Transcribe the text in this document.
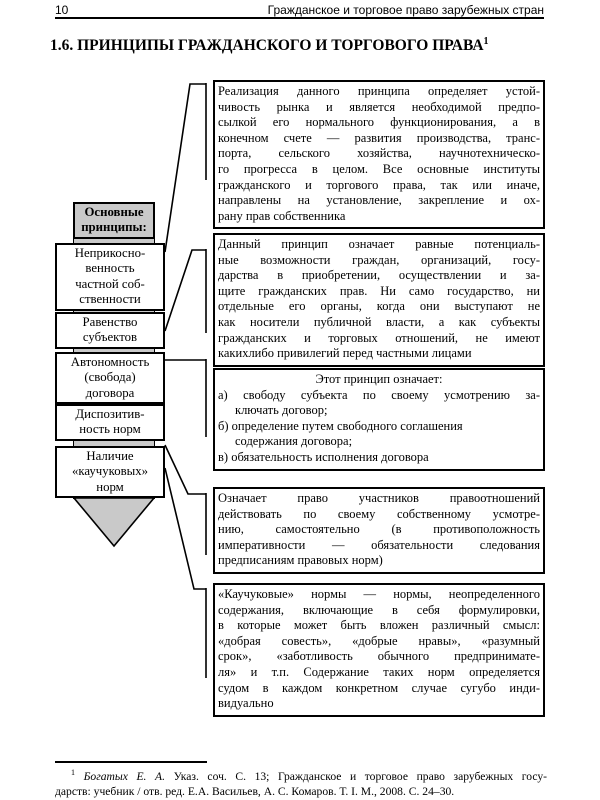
10	Гражданское и торговое право зарубежных стран
1.6. ПРИНЦИПЫ ГРАЖДАНСКОГО И ТОРГОВОГО ПРАВА$^1$
Основные
принципы:
Неприкосно-
венность
частной соб-
ственности
Равенство
субъектов
Автономность
(свобода)
договора
Диспозитив-
ность норм
Наличие
«каучуковых»
норм
Реализация данного принципа определяет устой-
чивость рынка и является необходимой предпо-
сылкой его нормального функционирования, а в
конечном счете — развития производства, транс-
порта, сельского хозяйства, научнотехническо-
го прогресса в целом. Все основные институты
гражданского и торгового права, так или иначе,
направлены на установление, закрепление и ох-
рану прав собственника
Данный принцип означает равные потенциаль-
ные возможности граждан, организаций, госу-
дарства в приобретении, осуществлении и за-
щите гражданских прав. Ни само государство, ни
отдельные его органы, когда они выступают не
как носители публичной власти, а как субъекты
гражданских и торговых отношений, не имеют
какихлибо привилегий перед частными лицами
Этот принцип означает:
а) свободу субъекта по своему усмотрению за-
ключать договор;
б) определение путем свободного соглашения
содержания договора;
в) обязательность исполнения договора
Означает право участников правоотношений
действовать по своему собственному усмотре-
нию, самостоятельно (в противоположность
императивности — обязательности следования
предписаниям правовых норм)
«Каучуковые» нормы — нормы, неопределенного
содержания, включающие в себя формулировки,
в которые может быть вложен различный смысл:
«добрая совесть», «добрые нравы», «разумный
срок», «заботливость обычного предпринимате-
ля» и т.п. Содержание таких норм определяется
судом в каждом конкретном случае сугубо инди-
видуально
$^1$ Богатых Е. А. Указ. соч. С. 13; Гражданское и торговое право зарубежных госу-
дарств: учебник / отв. ред. Е.А. Васильев, А. С. Комаров. Т. I. М., 2008. С. 24–30.
